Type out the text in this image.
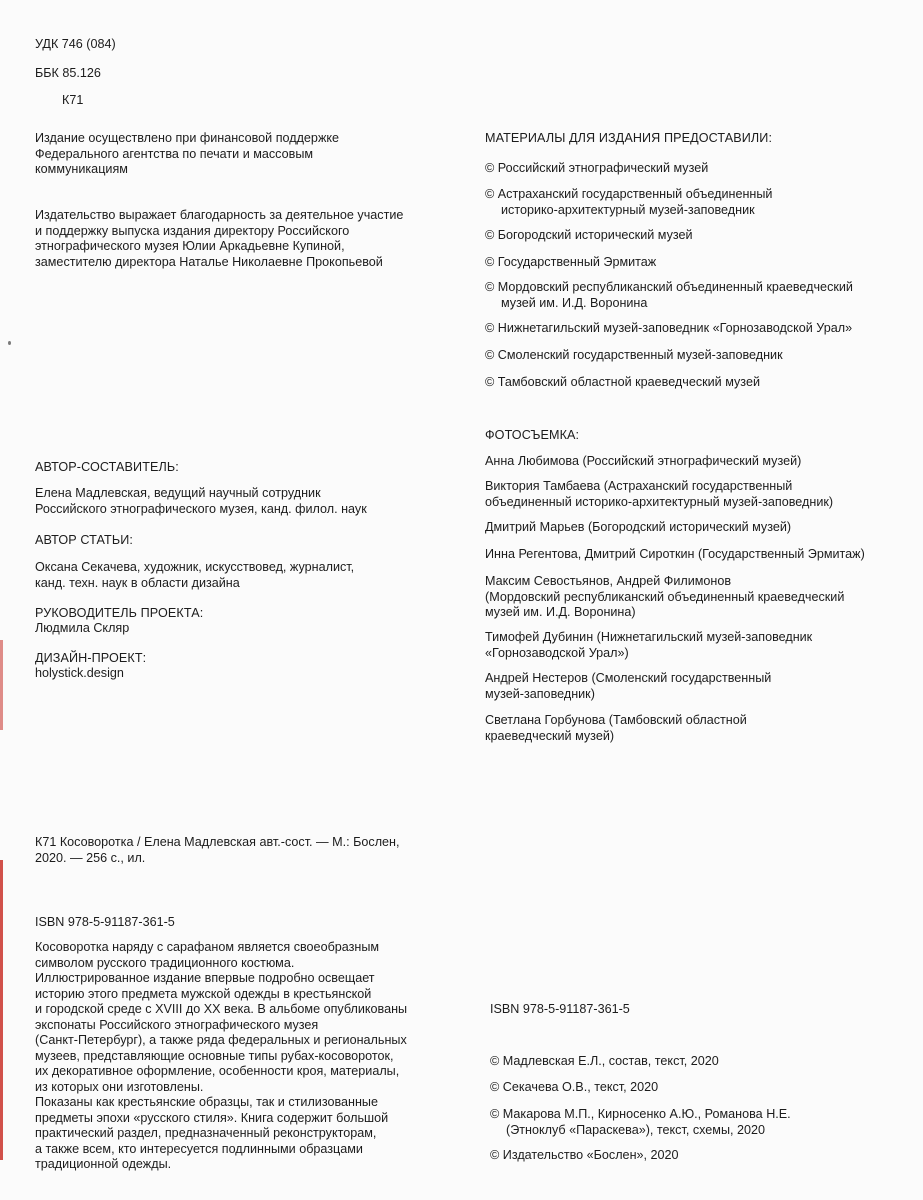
УДК 746 (084)

ББК 85.126

К71

Издание осуществлено при финансовой поддержке
Федерального агентства по печати и массовым
коммуникациям

Издательство выражает благодарность за деятельное участие
и поддержку выпуска издания директору Российского
этнографического музея Юлии Аркадьевне Купиной,
заместителю директора Наталье Николаевне Прокопьевой

АВТОР-СОСТАВИТЕЛЬ:

Елена Мадлевская, ведущий научный сотрудник
Российского этнографического музея, канд. филол. наук

АВТОР СТАТЬИ:

Оксана Секачева, художник, искусствовед, журналист,
канд. техн. наук в области дизайна

РУКОВОДИТЕЛЬ ПРОЕКТА:

Людмила Скляр

ДИЗАЙН-ПРОЕКТ:

holystick.design

К71 Косоворотка / Елена Мадлевская авт.-сост. — М.: Бослен,
2020. — 256 с., ил.

ISBN 978-5-91187-361-5

Косоворотка наряду с сарафаном является своеобразным
символом русского традиционного костюма.
Иллюстрированное издание впервые подробно освещает
историю этого предмета мужской одежды в крестьянской
и городской среде с XVIII до XX века. В альбоме опубликованы
экспонаты Российского этнографического музея
(Санкт-Петербург), а также ряда федеральных и региональных
музеев, представляющие основные типы рубах-косовороток,
их декоративное оформление, особенности кроя, материалы,
из которых они изготовлены.
Показаны как крестьянские образцы, так и стилизованные
предметы эпохи «русского стиля». Книга содержит большой
практический раздел, предназначенный реконструкторам,
а также всем, кто интересуется подлинными образцами
традиционной одежды.

МАТЕРИАЛЫ ДЛЯ ИЗДАНИЯ ПРЕДОСТАВИЛИ:

© Российский этнографический музей

© Астраханский государственный объединенный
историко-архитектурный музей-заповедник

© Богородский исторический музей

© Государственный Эрмитаж

© Мордовский республиканский объединенный краеведческий
музей им. И.Д. Воронина

© Нижнетагильский музей-заповедник «Горнозаводской Урал»

© Смоленский государственный музей-заповедник

© Тамбовский областной краеведческий музей

ФОТОСЪЕМКА:

Анна Любимова (Российский этнографический музей)

Виктория Тамбаева (Астраханский государственный
объединенный историко-архитектурный музей-заповедник)

Дмитрий Марьев (Богородский исторический музей)

Инна Регентова, Дмитрий Сироткин (Государственный Эрмитаж)

Максим Севостьянов, Андрей Филимонов
(Мордовский республиканский объединенный краеведческий
музей им. И.Д. Воронина)

Тимофей Дубинин (Нижнетагильский музей-заповедник
«Горнозаводской Урал»)

Андрей Нестеров (Смоленский государственный
музей-заповедник)

Светлана Горбунова (Тамбовский областной
краеведческий музей)

ISBN 978-5-91187-361-5

© Мадлевская Е.Л., состав, текст, 2020

© Секачева О.В., текст, 2020

© Макарова М.П., Кирносенко А.Ю., Романова Н.Е.
(Этноклуб «Параскева»), текст, схемы, 2020

© Издательство «Бослен», 2020
